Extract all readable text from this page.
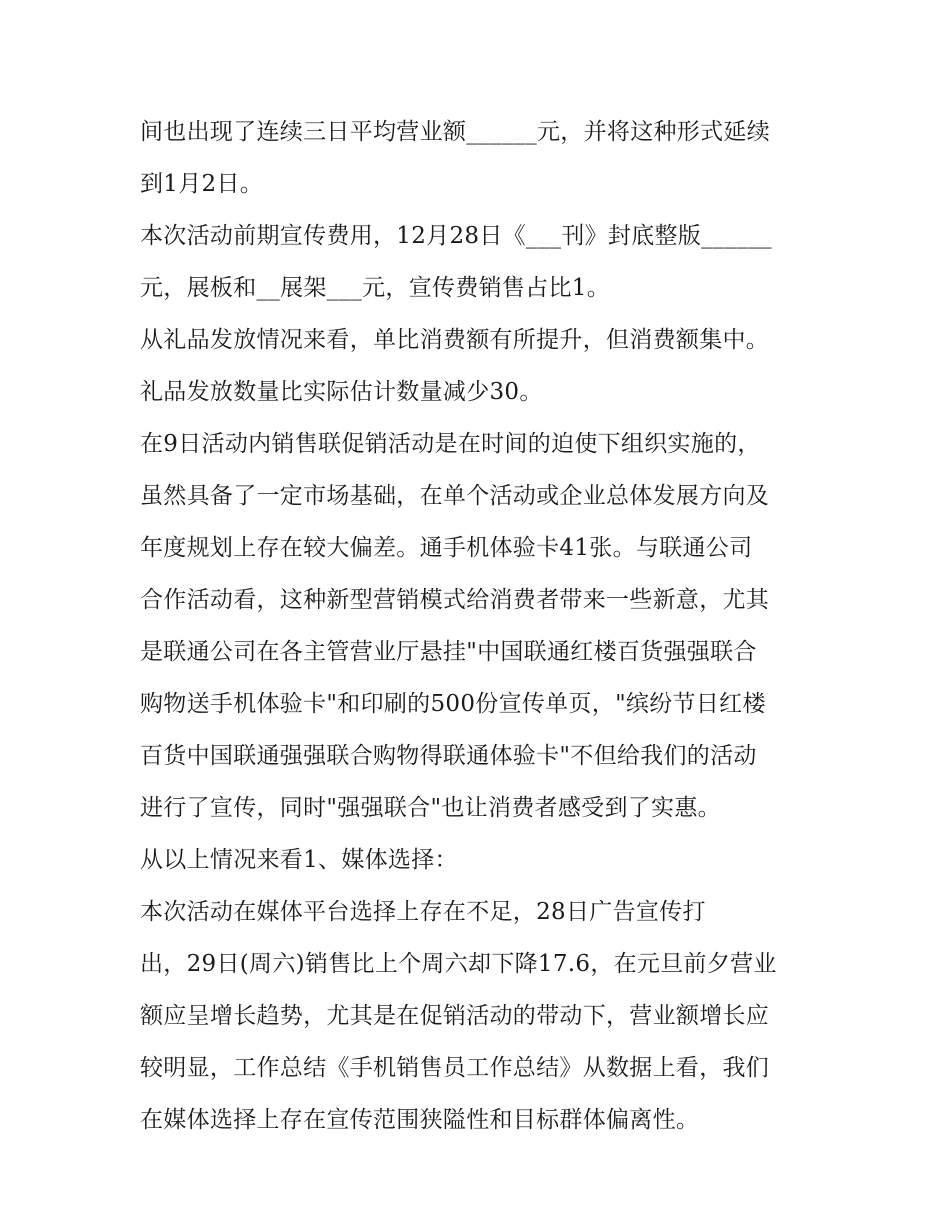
间也出现了连续三日平均营业额______元，并将这种形式延续
到1月2日。
本次活动前期宣传费用，12月28日《___刊》封底整版______
元，展板和__展架___元，宣传费销售占比1。
从礼品发放情况来看，单比消费额有所提升，但消费额集中。
礼品发放数量比实际估计数量减少30。
在9日活动内销售联促销活动是在时间的迫使下组织实施的，
虽然具备了一定市场基础，在单个活动或企业总体发展方向及
年度规划上存在较大偏差。通手机体验卡41张。与联通公司
合作活动看，这种新型营销模式给消费者带来一些新意，尤其
是联通公司在各主管营业厅悬挂"中国联通红楼百货强强联合
购物送手机体验卡"和印刷的500份宣传单页，"缤纷节日红楼
百货中国联通强强联合购物得联通体验卡"不但给我们的活动
进行了宣传，同时"强强联合"也让消费者感受到了实惠。
从以上情况来看1、媒体选择：
本次活动在媒体平台选择上存在不足，28日广告宣传打
出，29日(周六)销售比上个周六却下降17.6，在元旦前夕营业
额应呈增长趋势，尤其是在促销活动的带动下，营业额增长应
较明显，工作总结《手机销售员工作总结》从数据上看，我们
在媒体选择上存在宣传范围狭隘性和目标群体偏离性。
